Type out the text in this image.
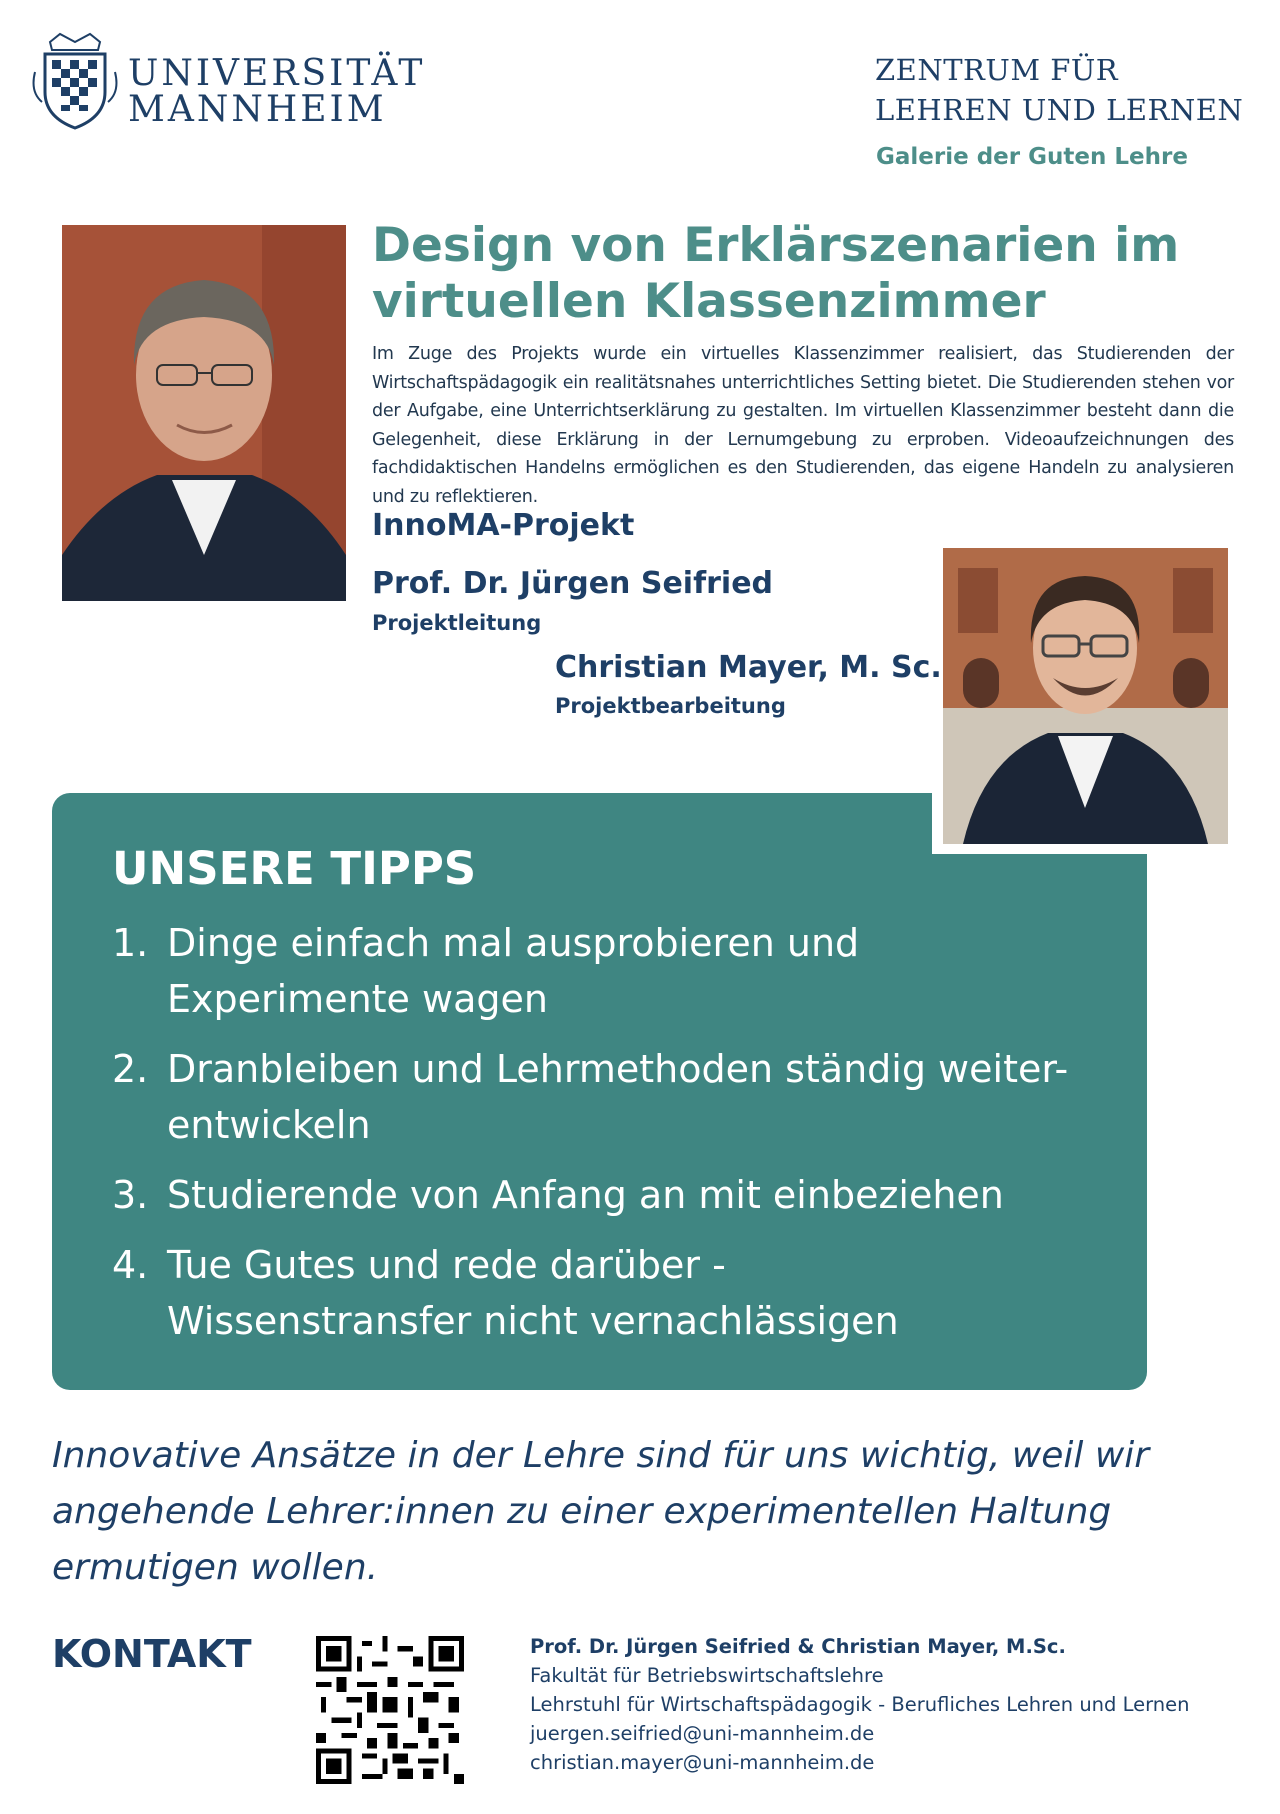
UNIVERSITÄT
MANNHEIM
ZENTRUM FÜR
LEHREN UND LERNEN
Galerie der Guten Lehre
Design von Erklärszenarien im virtuellen Klassenzimmer
Im Zuge des Projekts wurde ein virtuelles Klassenzimmer realisiert, das Studierenden der Wirtschaftspädagogik ein realitätsnahes unterrichtliches Setting bietet. Die Studierenden stehen vor der Aufgabe, eine Unterrichtserklärung zu gestalten. Im virtuellen Klassenzimmer besteht dann die Gelegenheit, diese Erklärung in der Lernumgebung zu erproben. Videoaufzeichnungen des fachdidaktischen Handelns ermöglichen es den Studierenden, das eigene Handeln zu analysieren und zu reflektieren.
InnoMA-Projekt
Prof. Dr. Jürgen Seifried
Projektleitung
Christian Mayer, M. Sc.
Projektbearbeitung
UNSERE TIPPS
1. Dinge einfach mal ausprobieren und Experimente wagen
2. Dranbleiben und Lehrmethoden ständig weiter-entwickeln
3. Studierende von Anfang an mit einbeziehen
4. Tue Gutes und rede darüber - Wissenstransfer nicht vernachlässigen
Innovative Ansätze in der Lehre sind für uns wichtig, weil wir angehende Lehrer:innen zu einer experimentellen Haltung ermutigen wollen.
KONTAKT	Prof. Dr. Jürgen Seifried & Christian Mayer, M.Sc.
Fakultät für Betriebswirtschaftslehre
Lehrstuhl für Wirtschaftspädagogik - Berufliches Lehren und Lernen
juergen.seifried@uni-mannheim.de
christian.mayer@uni-mannheim.de
